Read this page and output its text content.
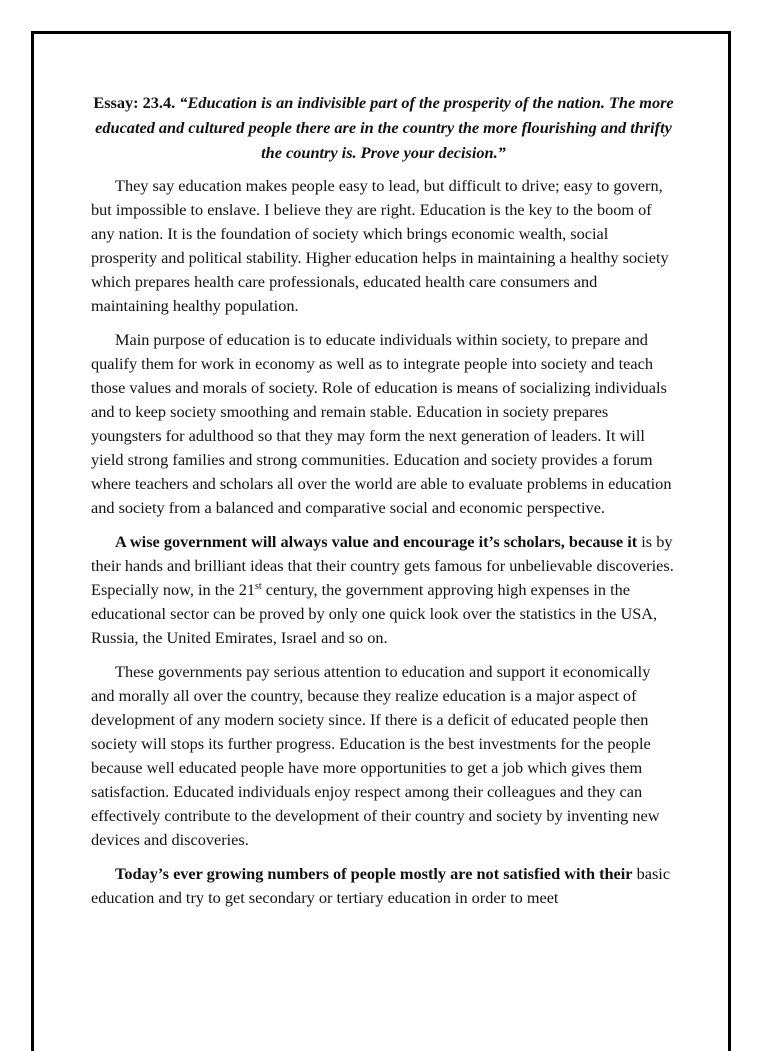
Essay: 23.4. “Education is an indivisible part of the prosperity of the nation. The more educated and cultured people there are in the country the more flourishing and thrifty the country is. Prove your decision.”

They say education makes people easy to lead, but difficult to drive; easy to govern, but impossible to enslave. I believe they are right. Education is the key to the boom of any nation. It is the foundation of society which brings economic wealth, social prosperity and political stability. Higher education helps in maintaining a healthy society which prepares health care professionals, educated health care consumers and maintaining healthy population.

Main purpose of education is to educate individuals within society, to prepare and qualify them for work in economy as well as to integrate people into society and teach those values and morals of society. Role of education is means of socializing individuals and to keep society smoothing and remain stable. Education in society prepares youngsters for adulthood so that they may form the next generation of leaders. It will yield strong families and strong communities. Education and society provides a forum where teachers and scholars all over the world are able to evaluate problems in education and society from a balanced and comparative social and economic perspective.

A wise government will always value and encourage it’s scholars, because it is by their hands and brilliant ideas that their country gets famous for unbelievable discoveries. Especially now, in the 21st century, the government approving high expenses in the educational sector can be proved by only one quick look over the statistics in the USA, Russia, the United Emirates, Israel and so on.

These governments pay serious attention to education and support it economically and morally all over the country, because they realize education is a major aspect of development of any modern society since. If there is a deficit of educated people then society will stops its further progress. Education is the best investments for the people because well educated people have more opportunities to get a job which gives them satisfaction. Educated individuals enjoy respect among their colleagues and they can effectively contribute to the development of their country and society by inventing new devices and discoveries.

Today’s ever growing numbers of people mostly are not satisfied with their basic education and try to get secondary or tertiary education in order to meet
